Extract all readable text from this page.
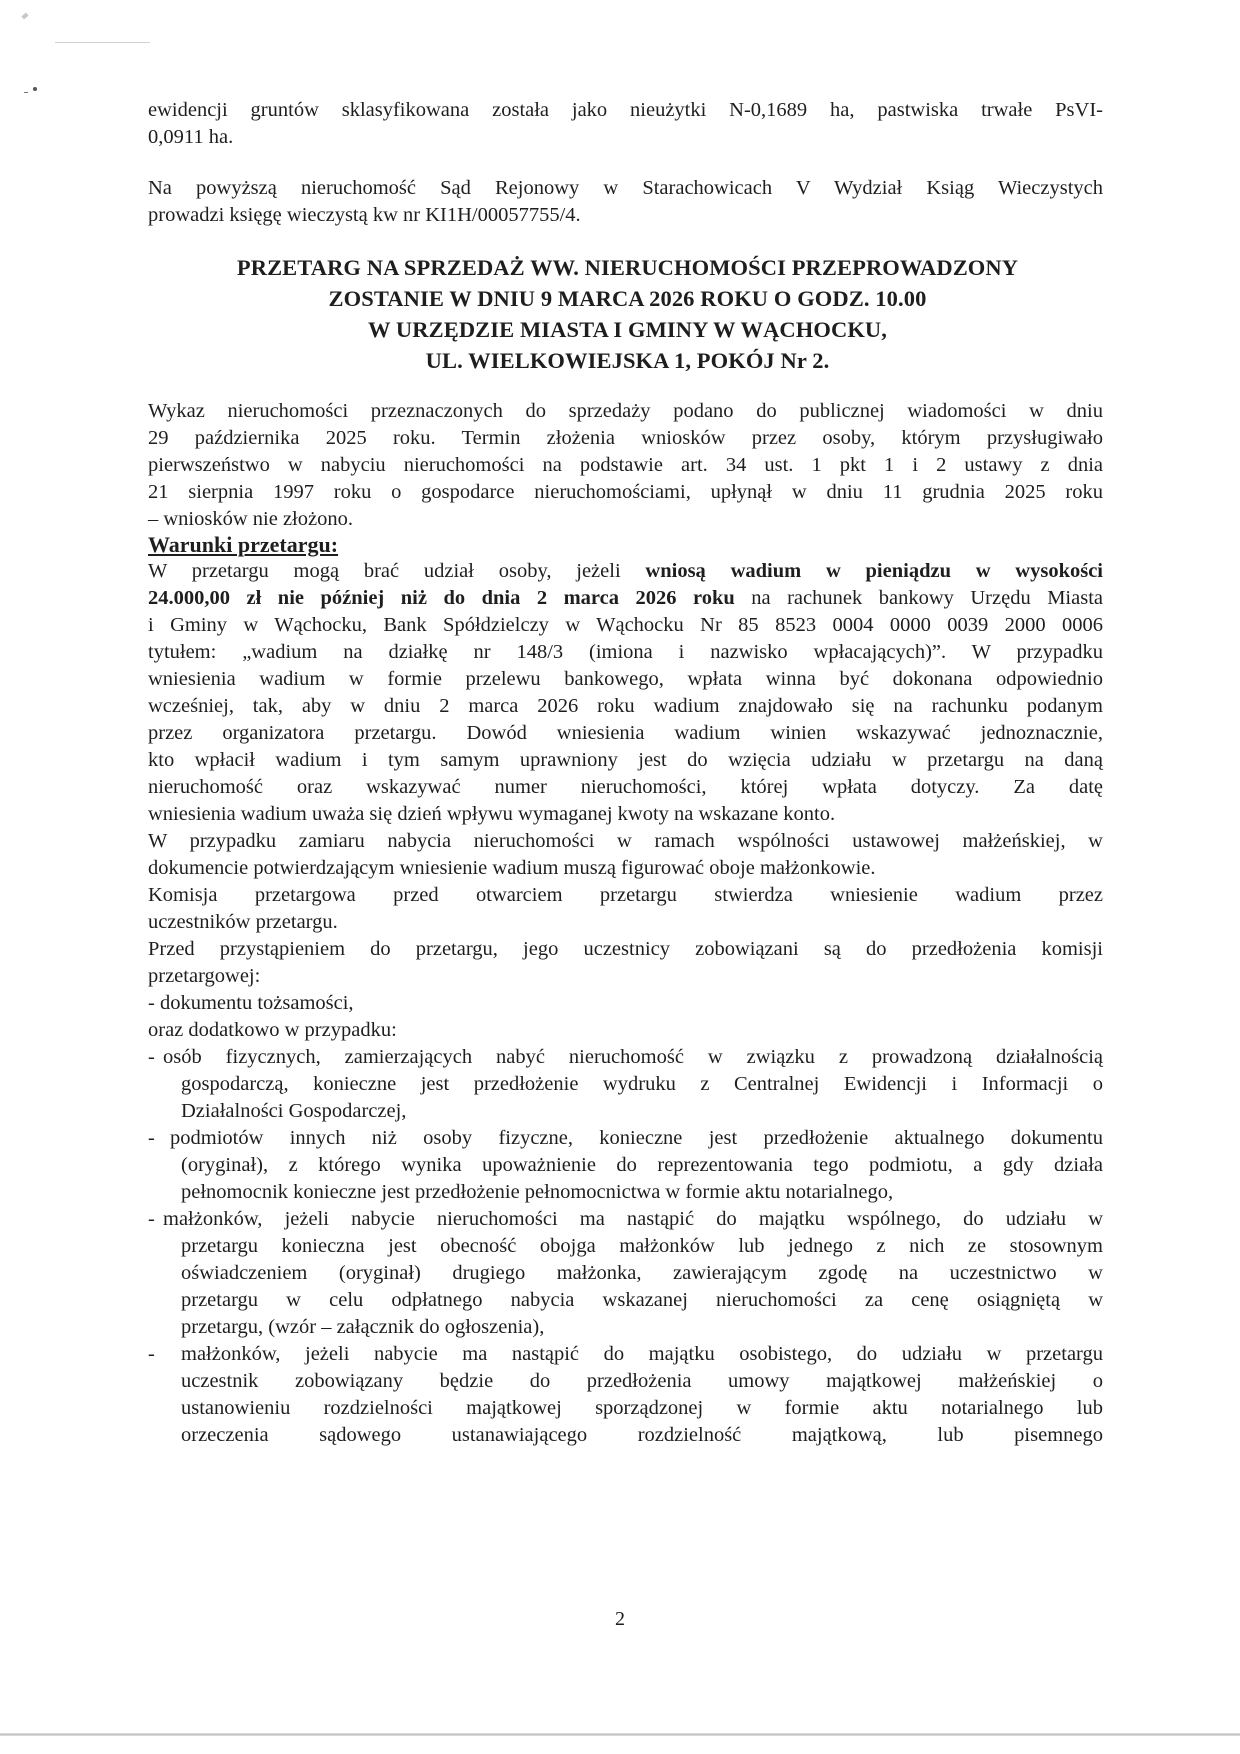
ewidencji gruntów sklasyfikowana została jako nieużytki N-0,1689 ha, pastwiska trwałe PsVI-
0,0911 ha.
Na powyższą nieruchomość Sąd Rejonowy w Starachowicach V Wydział Ksiąg Wieczystych
prowadzi księgę wieczystą kw nr KI1H/00057755/4.
PRZETARG NA SPRZEDAŻ WW. NIERUCHOMOŚCI PRZEPROWADZONY
ZOSTANIE W DNIU 9 MARCA 2026 ROKU O GODZ. 10.00
W URZĘDZIE MIASTA I GMINY W WĄCHOCKU,
UL. WIELKOWIEJSKA 1, POKÓJ Nr 2.
Wykaz nieruchomości przeznaczonych do sprzedaży podano do publicznej wiadomości w dniu
29 października 2025 roku. Termin złożenia wniosków przez osoby, którym przysługiwało
pierwszeństwo w nabyciu nieruchomości na podstawie art. 34 ust. 1 pkt 1 i 2 ustawy z dnia
21 sierpnia 1997 roku o gospodarce nieruchomościami, upłynął w dniu 11 grudnia 2025 roku
– wniosków nie złożono.
Warunki przetargu:
W przetargu mogą brać udział osoby, jeżeli wniosą wadium w pieniądzu w wysokości
24.000,00 zł nie później niż do dnia 2 marca 2026 roku na rachunek bankowy Urzędu Miasta
i Gminy w Wąchocku, Bank Spółdzielczy w Wąchocku Nr 85 8523 0004 0000 0039 2000 0006
tytułem: „wadium na działkę nr 148/3 (imiona i nazwisko wpłacających)”. W przypadku
wniesienia wadium w formie przelewu bankowego, wpłata winna być dokonana odpowiednio
wcześniej, tak, aby w dniu 2 marca 2026 roku wadium znajdowało się na rachunku podanym
przez organizatora przetargu. Dowód wniesienia wadium winien wskazywać jednoznacznie,
kto wpłacił wadium i tym samym uprawniony jest do wzięcia udziału w przetargu na daną
nieruchomość oraz wskazywać numer nieruchomości, której wpłata dotyczy. Za datę
wniesienia wadium uważa się dzień wpływu wymaganej kwoty na wskazane konto.
W przypadku zamiaru nabycia nieruchomości w ramach wspólności ustawowej małżeńskiej, w
dokumencie potwierdzającym wniesienie wadium muszą figurować oboje małżonkowie.
Komisja przetargowa przed otwarciem przetargu stwierdza wniesienie wadium przez
uczestników przetargu.
Przed przystąpieniem do przetargu, jego uczestnicy zobowiązani są do przedłożenia komisji
przetargowej:
- dokumentu tożsamości,
oraz dodatkowo w przypadku:
- osób fizycznych, zamierzających nabyć nieruchomość w związku z prowadzoną działalnością
gospodarczą, konieczne jest przedłożenie wydruku z Centralnej Ewidencji i Informacji o
Działalności Gospodarczej,
- podmiotów innych niż osoby fizyczne, konieczne jest przedłożenie aktualnego dokumentu
(oryginał), z którego wynika upoważnienie do reprezentowania tego podmiotu, a gdy działa
pełnomocnik konieczne jest przedłożenie pełnomocnictwa w formie aktu notarialnego,
- małżonków, jeżeli nabycie nieruchomości ma nastąpić do majątku wspólnego, do udziału w
przetargu konieczna jest obecność obojga małżonków lub jednego z nich ze stosownym
oświadczeniem (oryginał) drugiego małżonka, zawierającym zgodę na uczestnictwo w
przetargu w celu odpłatnego nabycia wskazanej nieruchomości za cenę osiągniętą w
przetargu, (wzór – załącznik do ogłoszenia),
-	małżonków, jeżeli nabycie ma nastąpić do majątku osobistego, do udziału w przetargu
uczestnik zobowiązany będzie do przedłożenia umowy majątkowej małżeńskiej o
ustanowieniu rozdzielności majątkowej sporządzonej w formie aktu notarialnego lub
orzeczenia sądowego ustanawiającego rozdzielność majątkową, lub pisemnego
2
